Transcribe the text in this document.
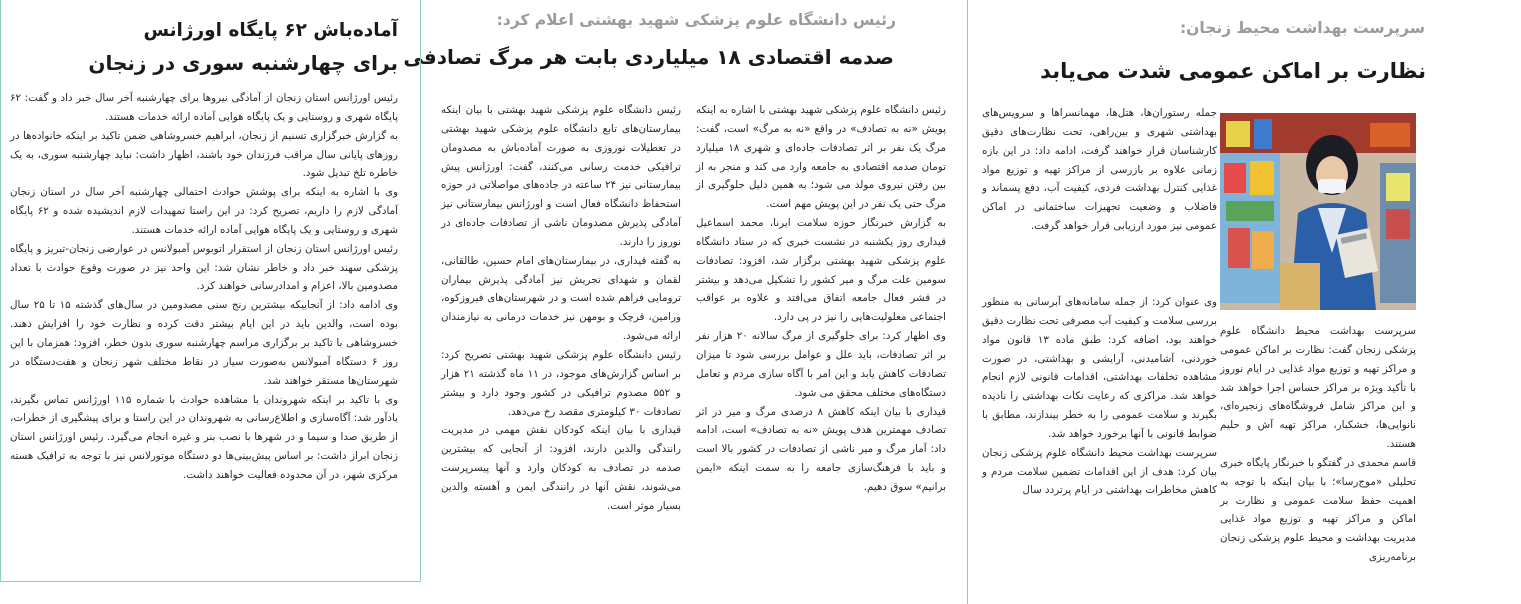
سرپرست بهداشت محیط زنجان:
نظارت بر اماکن عمومی شدت می‌یابد

جمله رستوران‌ها، هتل‌ها، مهمانسراها و سرویس‌های بهداشتی شهری و بین‌راهی، تحت نظارت‌های دقیق کارشناسان قرار خواهند گرفت، ادامه داد: در این بازه زمانی علاوه بر بازرسی از مراکز تهیه و توزیع مواد غذایی کنترل بهداشت فردی، کیفیت آب، دفع پسماند و فاضلاب و وضعیت تجهیزات ساختمانی در اماکن عمومی نیز مورد ارزیابی قرار خواهد گرفت.

سرپرست بهداشت محیط دانشگاه علوم پزشکی زنجان گفت: نظارت بر اماکن عمومی و مراکز تهیه و توزیع مواد غذایی در ایام نوروز با تأکید ویژه بر مراکز حساس اجرا خواهد شد و این مراکز شامل فروشگاه‌های زنجیره‌ای، نانوایی‌ها، خشکبار، مراکز تهیه آش و حلیم هستند.

قاسم محمدی در گفتگو با خبرنگار پایگاه خبری تحلیلی «موج‌رسا»؛ با بیان اینکه با توجه به اهمیت حفظ سلامت عمومی و نظارت بر اماکن و مراکز تهیه و توزیع مواد غذایی مدیریت بهداشت و محیط علوم پزشکی زنجان برنامه‌ریزی

وی عنوان کرد: از جمله سامانه‌های آبرسانی به منظور بررسی سلامت و کیفیت آب مصرفی تحت نظارت دقیق خواهند بود، اضافه کرد: طبق ماده ۱۳ قانون مواد خوردنی، آشامیدنی، آرایشی و بهداشتی، در صورت مشاهده تخلفات بهداشتی، اقدامات قانونی لازم انجام خواهد شد. مراکزی که رعایت نکات بهداشتی را نادیده بگیرند و سلامت عمومی را به خطر بیندازند، مطابق با ضوابط قانونی با آنها برخورد خواهد شد.

سرپرست بهداشت محیط دانشگاه علوم پزشکی زنجان بیان کرد: هدف از این اقدامات تضمین سلامت مردم و کاهش مخاطرات بهداشتی در ایام پرتردد سال

رئیس دانشگاه علوم پزشکی شهید بهشتی اعلام کرد:
صدمه اقتصادی ۱۸ میلیاردی بابت هر مرگ تصادفی

رئیس دانشگاه علوم پزشکی شهید بهشتی با اشاره به اینکه پویش «نه به تصادف» در واقع «نه به مرگ» است، گفت: مرگ یک نفر بر اثر تصادفات جاده‌ای و شهری ۱۸ میلیارد تومان صدمه اقتصادی به جامعه وارد می کند و منجر به از بین رفتن نیروی مولد می شود؛ به همین دلیل جلوگیری از مرگ حتی یک نفر در این پویش مهم است.

به گزارش خبرنگار حوزه سلامت ایرنا، محمد اسماعیل قیداری روز یکشنبه در نشست خبری که در ستاد دانشگاه علوم پزشکی شهید بهشتی برگزار شد، افزود: تصادفات سومین علت مرگ و میر کشور را تشکیل می‌دهد و بیشتر در قشر فعال جامعه اتفاق می‌افتد و علاوه بر عواقب اجتماعی معلولیت‌هایی را نیز در پی دارد.

وی اظهار کرد: برای جلوگیری از مرگ سالانه ۲۰ هزار نفر بر اثر تصادفات، باید علل و عوامل بررسی شود تا میزان تصادفات کاهش یابد و این امر با آگاه سازی مردم و تعامل دستگاه‌های مختلف محقق می شود.

قیداری با بیان اینکه کاهش ۸ درصدی مرگ و میر در اثر تصادف مهمترین هدف پویش «نه به تصادف» است، ادامه داد: آمار مرگ و میر ناشی از تصادفات در کشور بالا است و باید با فرهنگ‌سازی جامعه را به سمت اینکه «ایمن برانیم» سوق دهیم.

رئیس دانشگاه علوم پزشکی شهید بهشتی با بیان اینکه بیمارستان‌های تابع دانشگاه علوم پزشکی شهید بهشتی در تعطیلات نوروزی به صورت آماده‌باش به مصدومان ترافیکی خدمت رسانی می‌کنند، گفت: اورژانس پیش بیمارستانی نیز ۲۴ ساعته در جاده‌های مواصلاتی در حوزه استحفاظ دانشگاه فعال است و اورژانس بیمارستانی نیز آمادگی پذیرش مصدومان ناشی از تصادفات جاده‌ای در نوروز را دارند.

به گفته قیداری، در بیمارستان‌های امام حسین، طالقانی، لقمان و شهدای تجریش نیز آمادگی پذیرش بیماران ترومایی فراهم شده است و در شهرستان‌های فیروزکوه، ورامین، قرچک و بومهن نیز خدمات درمانی به نیازمندان ارائه می‌شود.

رئیس دانشگاه علوم پزشکی شهید بهشتی تصریح کرد: بر اساس گزارش‌های موجود، در ۱۱ ماه گذشته ۲۱ هزار و ۵۵۲ مصدوم ترافیکی در کشور وجود دارد و بیشتر تصادفات ۳۰ کیلومتری مقصد رخ می‌دهد.

قیداری با بیان اینکه کودکان نقش مهمی در مدیریت رانندگی والدین دارند، افزود: از آنجایی که بیشترین صدمه در تصادف به کودکان وارد و آنها پیسرپرست می‌شوند، نقش آنها در رانندگی ایمن و آهسته والدین بسیار موثر است.

آماده‌باش ۶۲ پایگاه اورژانس
برای چهارشنبه سوری در زنجان

رئیس اورژانس استان زنجان از آمادگی نیروها برای چهارشنبه آخر سال خبر داد و گفت: ۶۲ پایگاه شهری و روستایی و یک پایگاه هوایی آماده ارائه خدمات هستند.

به گزارش خبرگزاری تسنیم از زنجان، ابراهیم خسروشاهی ضمن تاکید بر اینکه خانواده‌ها در روزهای پایانی سال مراقب فرزندان خود باشند، اظهار داشت: نباید چهارشنبه سوری، به یک خاطره تلخ تبدیل شود.

وی با اشاره به اینکه برای پوشش حوادث احتمالی چهارشنبه آخر سال در استان زنجان آمادگی لازم را داریم، تصریح کرد: در این راستا تمهیدات لازم اندیشیده شده و ۶۲ پایگاه شهری و روستایی و یک پایگاه هوایی آماده ارائه خدمات هستند.

رئیس اورژانس استان زنجان از استقرار اتوبوس آمبولانس در عوارضی زنجان-تبریز و پایگاه پزشکی سهند خبر داد و خاطر نشان شد: این واحد نیز در صورت وقوع حوادث با تعداد مصدومین بالا، اعزام و امدادرسانی خواهند کرد.

وی ادامه داد: از آنجاییکه بیشترین رنج سنی مصدومین در سال‌های گذشته ۱۵ تا ۲۵ سال بوده است، والدین باید در این ایام بیشتر دقت کرده و نظارت خود را افزایش دهند. خسروشاهی با تاکید بر برگزاری مراسم چهارشنبه سوری بدون خطر، افزود: همزمان با این روز ۶ دستگاه آمبولانس به‌صورت سیار در نقاط مختلف شهر زنجان و هفت‌دستگاه در شهرستان‌ها مستقر خواهند شد.

وی با تاکید بر اینکه شهروندان با مشاهده حوادث با شماره ۱۱۵ اورژانس تماس بگیرند، یادآور شد: آگاه‌سازی و اطلاع‌رسانی به شهروندان در این راستا و برای پیشگیری از خطرات، از طریق صدا و سیما و در شهرها با نصب بنر و غیره انجام می‌گیرد. رئیس اورژانس استان زنجان ابراز داشت: بر اساس پیش‌بینی‌ها دو دستگاه موتورلانس نیز با توجه به ترافیک هسته مرکزی شهر، در آن محدوده فعالیت خواهند داشت.
